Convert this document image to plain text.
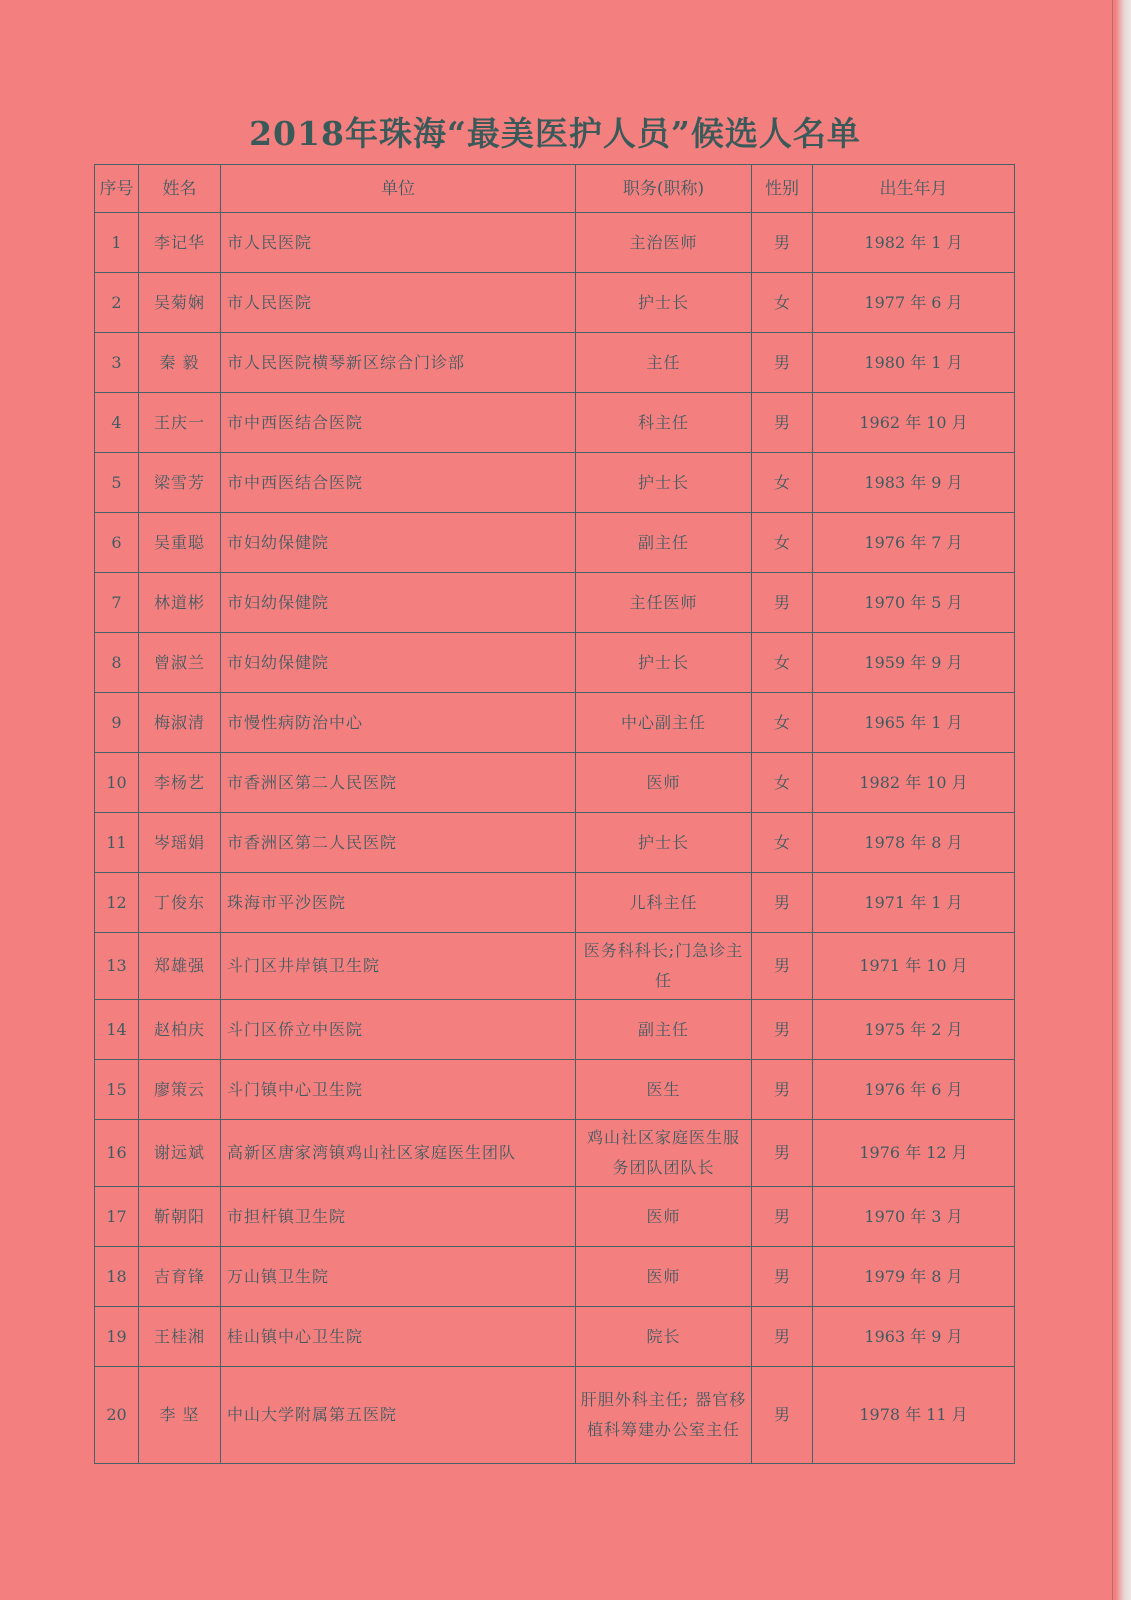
2018年珠海“最美医护人员”候选人名单
序号	姓名	单位	职务(职称)	性别	出生年月
1	李记华	市人民医院	主治医师	男	1982 年 1 月
2	吴菊娴	市人民医院	护士长	女	1977 年 6 月
3	秦 毅	市人民医院横琴新区综合门诊部	主任	男	1980 年 1 月
4	王庆一	市中西医结合医院	科主任	男	1962 年 10 月
5	梁雪芳	市中西医结合医院	护士长	女	1983 年 9 月
6	吴重聪	市妇幼保健院	副主任	女	1976 年 7 月
7	林道彬	市妇幼保健院	主任医师	男	1970 年 5 月
8	曾淑兰	市妇幼保健院	护士长	女	1959 年 9 月
9	梅淑清	市慢性病防治中心	中心副主任	女	1965 年 1 月
10	李杨艺	市香洲区第二人民医院	医师	女	1982 年 10 月
11	岑瑶娟	市香洲区第二人民医院	护士长	女	1978 年 8 月
12	丁俊东	珠海市平沙医院	儿科主任	男	1971 年 1 月
13	郑雄强	斗门区井岸镇卫生院	医务科科长;门急诊主任	男	1971 年 10 月
14	赵柏庆	斗门区侨立中医院	副主任	男	1975 年 2 月
15	廖策云	斗门镇中心卫生院	医生	男	1976 年 6 月
16	谢远斌	高新区唐家湾镇鸡山社区家庭医生团队	鸡山社区家庭医生服务团队团队长	男	1976 年 12 月
17	靳朝阳	市担杆镇卫生院	医师	男	1970 年 3 月
18	吉育锋	万山镇卫生院	医师	男	1979 年 8 月
19	王桂湘	桂山镇中心卫生院	院长	男	1963 年 9 月
20	李 坚	中山大学附属第五医院	肝胆外科主任; 器官移植科筹建办公室主任	男	1978 年 11 月
